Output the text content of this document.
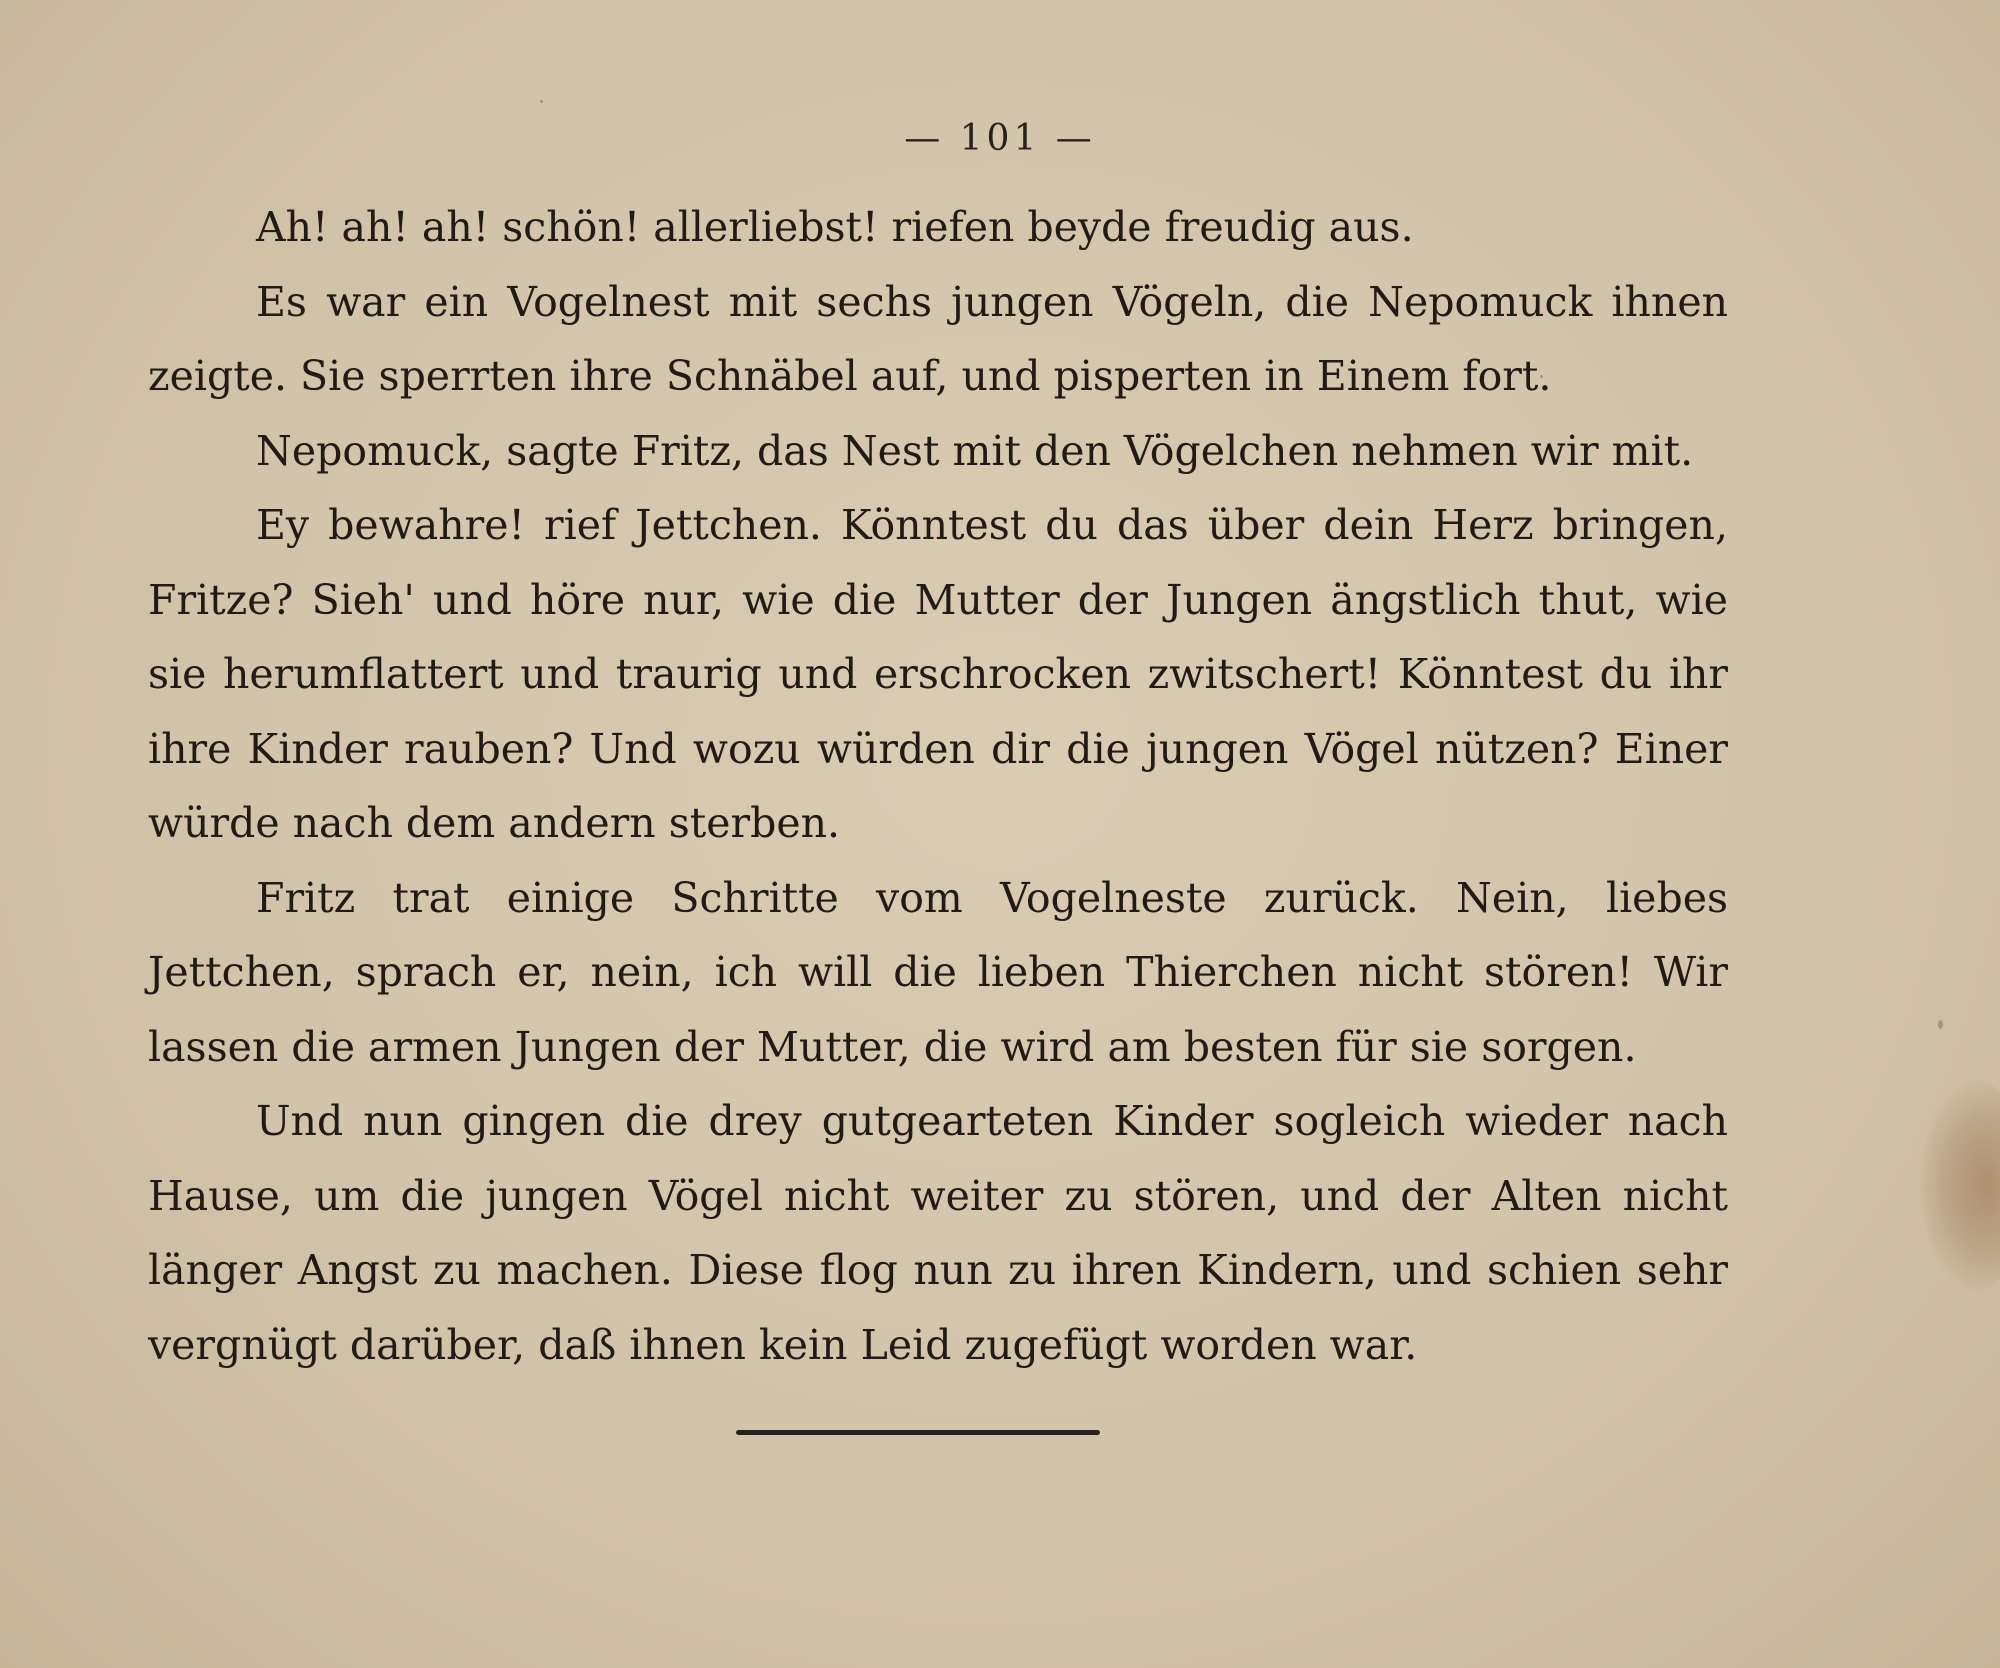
— 101 —

Ah! ah! ah! schön! allerliebst! riefen beyde freudig aus.

Es war ein Vogelnest mit sechs jungen Vögeln, die Nepomuck ihnen zeigte. Sie sperrten ihre Schnäbel auf, und pisperten in Einem fort.

Nepomuck, sagte Fritz, das Nest mit den Vögelchen nehmen wir mit.

Ey bewahre! rief Jettchen. Könntest du das über dein Herz bringen, Fritze? Sieh' und höre nur, wie die Mutter der Jungen ängstlich thut, wie sie herumflattert und traurig und erschrocken zwitschert! Könntest du ihr ihre Kinder rauben? Und wozu würden dir die jungen Vögel nützen? Einer würde nach dem andern sterben.

Fritz trat einige Schritte vom Vogelneste zurück. Nein, liebes Jettchen, sprach er, nein, ich will die lieben Thierchen nicht stören! Wir lassen die armen Jungen der Mutter, die wird am besten für sie sorgen.

Und nun gingen die drey gutgearteten Kinder sogleich wieder nach Hause, um die jungen Vögel nicht weiter zu stören, und der Alten nicht länger Angst zu machen. Diese flog nun zu ihren Kindern, und schien sehr vergnügt darüber, daß ihnen kein Leid zugefügt worden war.
